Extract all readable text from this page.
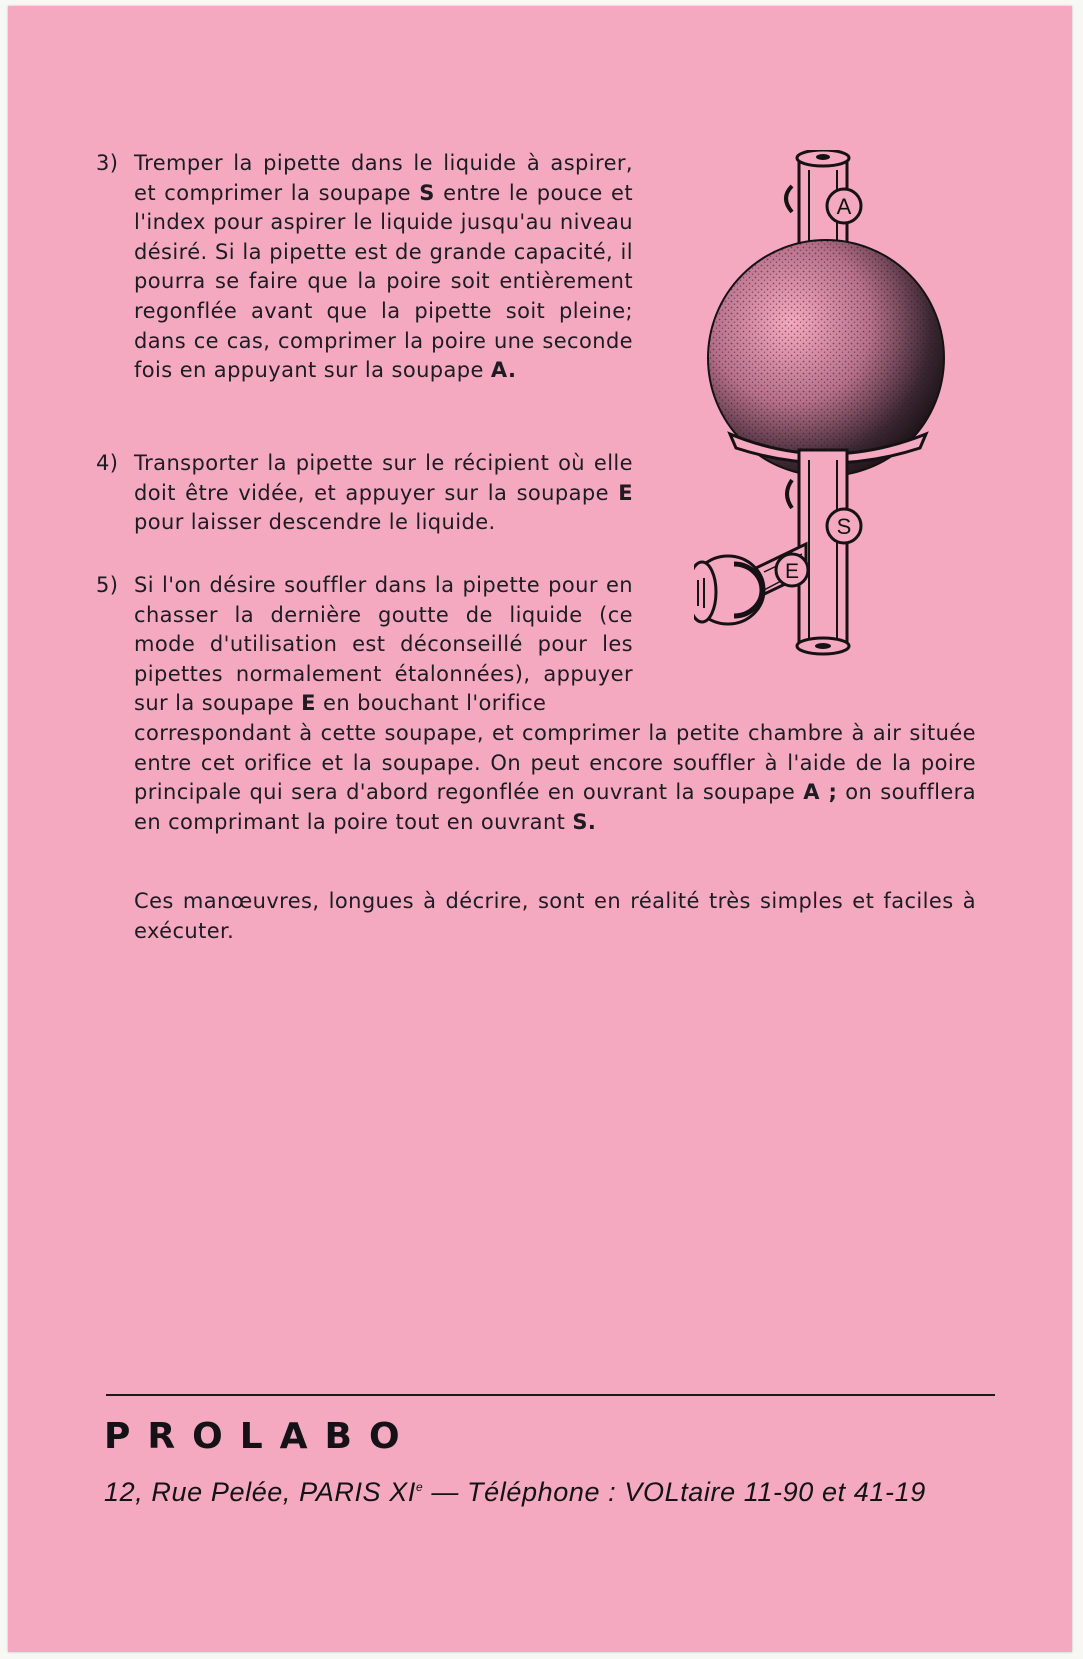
3) Tremper la pipette dans le liquide à aspirer, et comprimer la soupape S entre le pouce et l'index pour aspirer le liquide jusqu'au niveau désiré. Si la pipette est de grande capacité, il pourra se faire que la poire soit entièrement regonflée avant que la pipette soit pleine; dans ce cas, comprimer la poire une seconde fois en appuyant sur la soupape A.
4) Transporter la pipette sur le récipient où elle doit être vidée, et appuyer sur la soupape E pour laisser descendre le liquide.
5) Si l'on désire souffler dans la pipette pour en chasser la dernière goutte de liquide (ce mode d'utilisation est déconseillé pour les pipettes normalement étalonnées), appuyer sur la soupape E en bouchant l'orifice
correspondant à cette soupape, et comprimer la petite chambre à air située entre cet orifice et la soupape. On peut encore souffler à l'aide de la poire principale qui sera d'abord regonflée en ouvrant la soupape A ; on soufflera en comprimant la poire tout en ouvrant S.
Ces manœuvres, longues à décrire, sont en réalité très simples et faciles à exécuter.
A
S
E
PROLABO
12, Rue Pelée, PARIS XIe — Téléphone : VOLtaire 11-90 et 41-19
